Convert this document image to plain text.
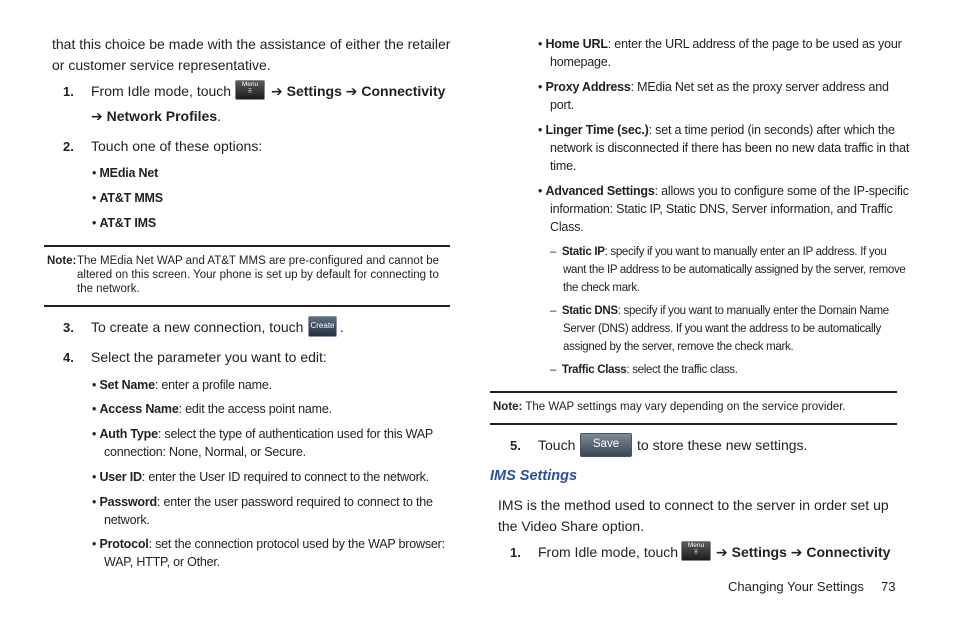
that this choice be made with the assistance of either the retailer
or customer service representative.
1. From Idle mode, touch	Menu
⠿	➔ Settings ➔ Connectivity
➔ Network Profiles.
2. Touch one of these options:
• MEdia Net
• AT&T MMS
• AT&T IMS
Note: The MEdia Net WAP and AT&T MMS are pre-configured and cannot be
altered on this screen. Your phone is set up by default for connecting to
the network.
3. To create a new connection, touch Create .
4. Select the parameter you want to edit:
• Set Name: enter a profile name.
• Access Name: edit the access point name.
• Auth Type: select the type of authentication used for this WAP
connection: None, Normal, or Secure.
• User ID: enter the User ID required to connect to the network.
• Password: enter the user password required to connect to the
network.
• Protocol: set the connection protocol used by the WAP browser:
WAP, HTTP, or Other.
• Home URL: enter the URL address of the page to be used as your
homepage.
• Proxy Address: MEdia Net set as the proxy server address and
port.
• Linger Time (sec.): set a time period (in seconds) after which the
network is disconnected if there has been no new data traffic in that
time.
• Advanced Settings: allows you to configure some of the IP-specific
information: Static IP, Static DNS, Server information, and Traffic
Class.
– Static IP: specify if you want to manually enter an IP address. If you
want the IP address to be automatically assigned by the server, remove
the check mark.
– Static DNS: specify if you want to manually enter the Domain Name
Server (DNS) address. If you want the address to be automatically
assigned by the server, remove the check mark.
– Traffic Class: select the traffic class.
Note: The WAP settings may vary depending on the service provider.
5. Touch	Save	to store these new settings.
IMS Settings
IMS is the method used to connect to the server in order set up
the Video Share option.
1. From Idle mode, touch	Menu
⠿	➔ Settings ➔ Connectivity
Changing Your Settings 73
